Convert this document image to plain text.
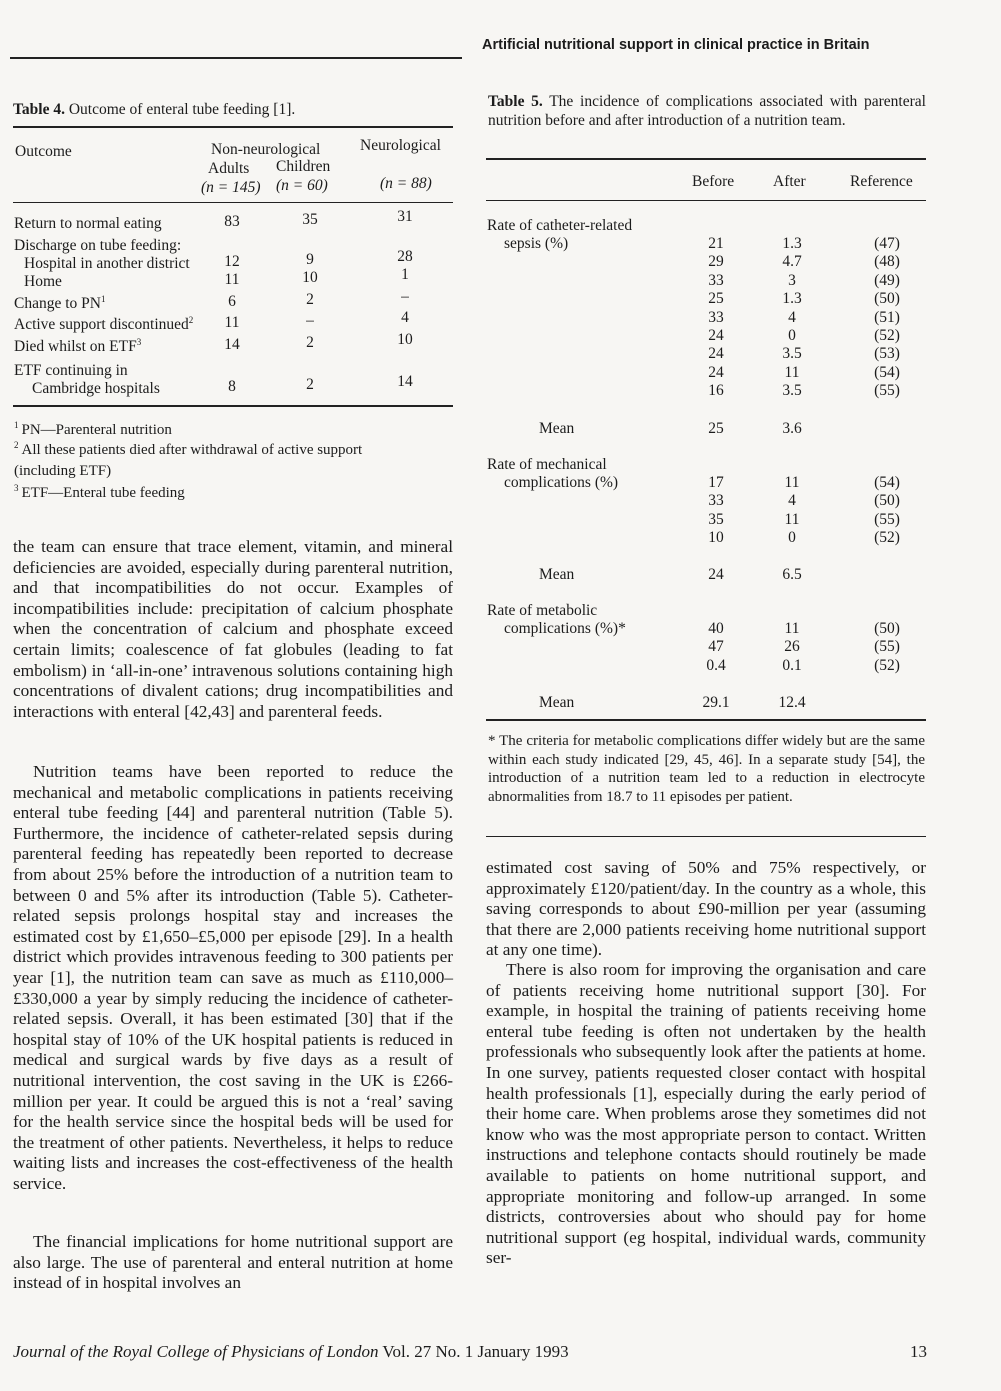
Artificial nutritional support in clinical practice in Britain
Table 4. Outcome of enteral tube feeding [1].
Outcome	Non-neurological	Neurological
Adults Children
(n = 145) (n = 60)	(n = 88)
Return to normal eating	83	35	31
Discharge on tube feeding:
Hospital in another district	12	9	28
Home	11	10	1
Change to $PN^1$	6	2	–
Active support discontinued$^2$	11	–	4
Died whilst on ETF$^3$	14	2	10
ETF continuing in
Cambridge hospitals	8	2	14
$^1$ PN—Parenteral nutrition
$^2$ All these patients died after withdrawal of active support
(including ETF)
$^3$ ETF—Enteral tube feeding

the team can ensure that trace element, vitamin, and mineral deficiencies are avoided, especially during parenteral nutrition, and that incompatibilities do not occur. Examples of incompatibilities include: precipitation of calcium phosphate when the concentration of calcium and phosphate exceed certain limits; coalescence of fat globules (leading to fat embolism) in ‘all-in-one’ intravenous solutions containing high concentrations of divalent cations; drug incompatibilities and interactions with enteral [42,43] and parenteral feeds.

Nutrition teams have been reported to reduce the mechanical and metabolic complications in patients receiving enteral tube feeding [44] and parenteral nutrition (Table 5). Furthermore, the incidence of catheter-related sepsis during parenteral feeding has repeatedly been reported to decrease from about 25% before the introduction of a nutrition team to between 0 and 5% after its introduction (Table 5). Catheter-related sepsis prolongs hospital stay and increases the estimated cost by £1,650–£5,000 per episode [29]. In a health district which provides intravenous feeding to 300 patients per year [1], the nutrition team can save as much as £110,000–£330,000 a year by simply reducing the incidence of catheter-related sepsis. Overall, it has been estimated [30] that if the hospital stay of 10% of the UK hospital patients is reduced in medical and surgical wards by five days as a result of nutritional intervention, the cost saving in the UK is £266-million per year. It could be argued this is not a ‘real’ saving for the health service since the hospital beds will be used for the treatment of other patients. Nevertheless, it helps to reduce waiting lists and increases the cost-effectiveness of the health service.

The financial implications for home nutritional support are also large. The use of parenteral and enteral nutrition at home instead of in hospital involves an

Table 5. The incidence of complications associated with parenteral nutrition before and after introduction of a nutrition team.
Before	After	Reference
Rate of catheter-related
sepsis (%)	21	1.3	(47)
29	4.7	(48)
33	3	(49)
25	1.3	(50)
33	4	(51)
24	0	(52)
24	3.5	(53)
24	11	(54)
16	3.5	(55)
Mean	25	3.6
Rate of mechanical
complications (%)	17	11	(54)
33	4	(50)
35	11	(55)
10	0	(52)
Mean	24	6.5
Rate of metabolic
complications (%)*	40	11	(50)
47	26	(55)
0.4	0.1	(52)
Mean	29.1	12.4

* The criteria for metabolic complications differ widely but are the same within each study indicated [29, 45, 46]. In a separate study [54], the introduction of a nutrition team led to a reduction in electrocyte abnormalities from 18.7 to 11 episodes per patient.

estimated cost saving of 50% and 75% respectively, or approximately £120/patient/day. In the country as a whole, this saving corresponds to about £90-million per year (assuming that there are 2,000 patients receiving home nutritional support at any one time).

There is also room for improving the organisation and care of patients receiving home nutritional support [30]. For example, in hospital the training of patients receiving home enteral tube feeding is often not undertaken by the health professionals who subsequently look after the patients at home. In one survey, patients requested closer contact with hospital health professionals [1], especially during the early period of their home care. When problems arose they sometimes did not know who was the most appropriate person to contact. Written instructions and telephone contacts should routinely be made available to patients on home nutritional support, and appropriate monitoring and follow-up arranged. In some districts, controversies about who should pay for home nutritional support (eg hospital, individual wards, community ser-

Journal of the Royal College of Physicians of London Vol. 27 No. 1 January 1993	13
